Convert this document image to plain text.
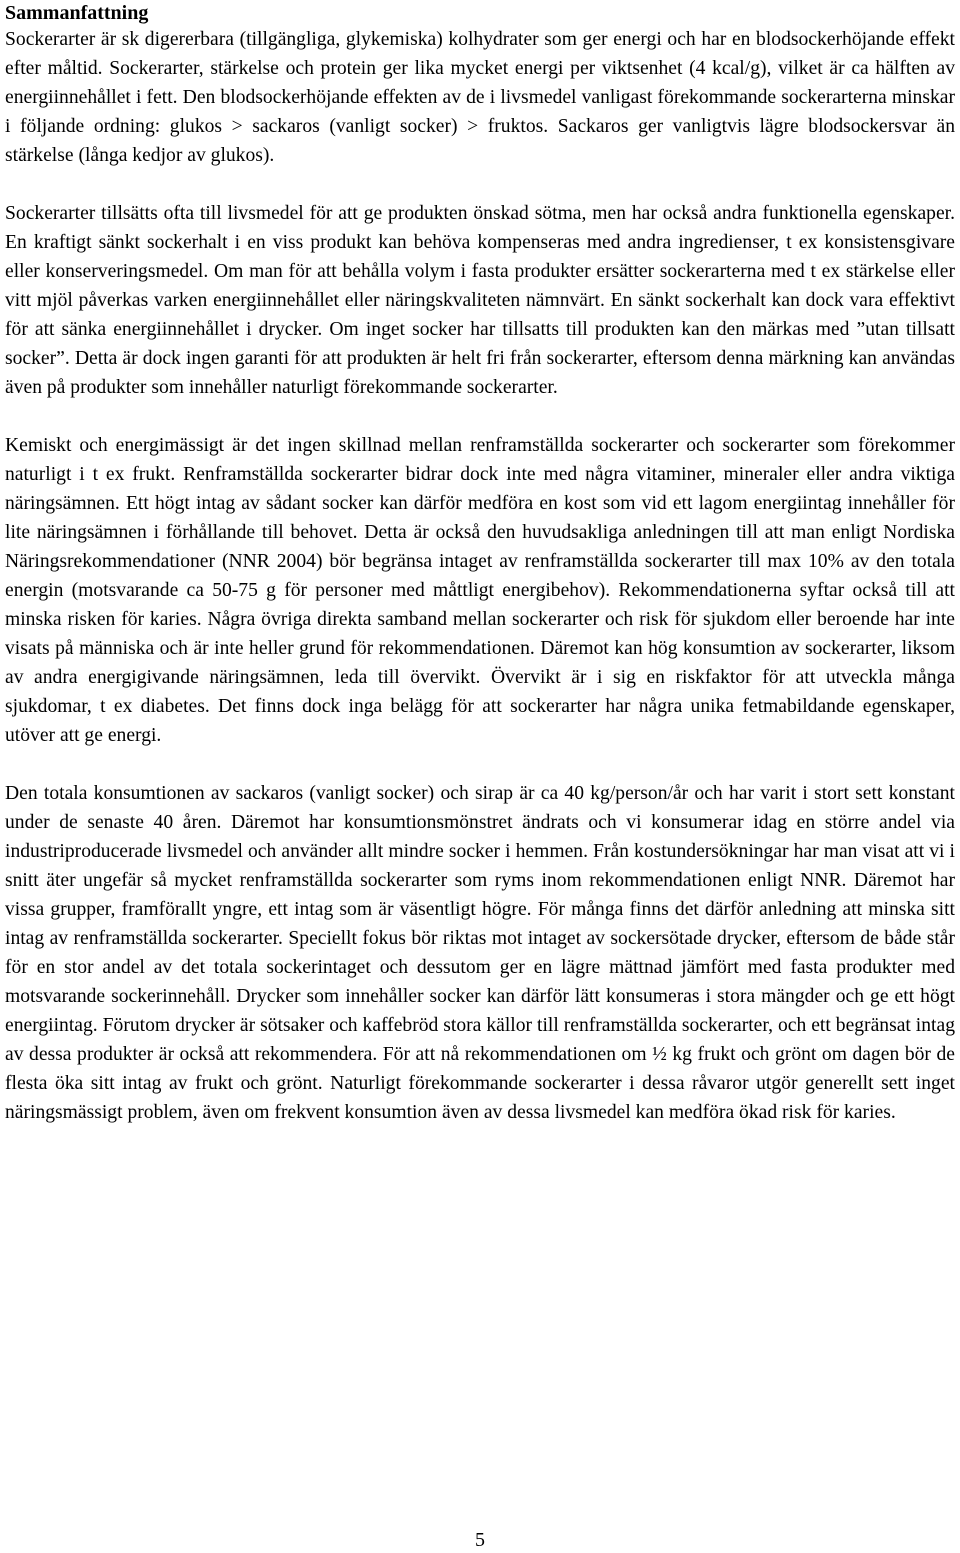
Sammanfattning

Sockerarter är sk digererbara (tillgängliga, glykemiska) kolhydrater som ger energi och har en blodsockerhöjande effekt efter måltid. Sockerarter, stärkelse och protein ger lika mycket energi per viktsenhet (4 kcal/g), vilket är ca hälften av energiinnehållet i fett. Den blodsockerhöjande effekten av de i livsmedel vanligast förekommande sockerarterna minskar i följande ordning: glukos > sackaros (vanligt socker) > fruktos. Sackaros ger vanligtvis lägre blodsockersvar än stärkelse (långa kedjor av glukos).

Sockerarter tillsätts ofta till livsmedel för att ge produkten önskad sötma, men har också andra funktionella egenskaper. En kraftigt sänkt sockerhalt i en viss produkt kan behöva kompenseras med andra ingredienser, t ex konsistensgivare eller konserveringsmedel. Om man för att behålla volym i fasta produkter ersätter sockerarterna med t ex stärkelse eller vitt mjöl påverkas varken energiinnehållet eller näringskvaliteten nämnvärt. En sänkt sockerhalt kan dock vara effektivt för att sänka energiinnehållet i drycker. Om inget socker har tillsatts till produkten kan den märkas med ”utan tillsatt socker”. Detta är dock ingen garanti för att produkten är helt fri från sockerarter, eftersom denna märkning kan användas även på produkter som innehåller naturligt förekommande sockerarter.

Kemiskt och energimässigt är det ingen skillnad mellan renframställda sockerarter och sockerarter som förekommer naturligt i t ex frukt. Renframställda sockerarter bidrar dock inte med några vitaminer, mineraler eller andra viktiga näringsämnen. Ett högt intag av sådant socker kan därför medföra en kost som vid ett lagom energiintag innehåller för lite näringsämnen i förhållande till behovet. Detta är också den huvudsakliga anledningen till att man enligt Nordiska Näringsrekommendationer (NNR 2004) bör begränsa intaget av renframställda sockerarter till max 10% av den totala energin (motsvarande ca 50-75 g för personer med måttligt energibehov). Rekommendationerna syftar också till att minska risken för karies. Några övriga direkta samband mellan sockerarter och risk för sjukdom eller beroende har inte visats på människa och är inte heller grund för rekommendationen. Däremot kan hög konsumtion av sockerarter, liksom av andra energigivande näringsämnen, leda till övervikt. Övervikt är i sig en riskfaktor för att utveckla många sjukdomar, t ex diabetes. Det finns dock inga belägg för att sockerarter har några unika fetmabildande egenskaper, utöver att ge energi.

Den totala konsumtionen av sackaros (vanligt socker) och sirap är ca 40 kg/person/år och har varit i stort sett konstant under de senaste 40 åren. Däremot har konsumtionsmönstret ändrats och vi konsumerar idag en större andel via industriproducerade livsmedel och använder allt mindre socker i hemmen. Från kostundersökningar har man visat att vi i snitt äter ungefär så mycket renframställda sockerarter som ryms inom rekommendationen enligt NNR. Däremot har vissa grupper, framförallt yngre, ett intag som är väsentligt högre. För många finns det därför anledning att minska sitt intag av renframställda sockerarter. Speciellt fokus bör riktas mot intaget av sockersötade drycker, eftersom de både står för en stor andel av det totala sockerintaget och dessutom ger en lägre mättnad jämfört med fasta produkter med motsvarande sockerinnehåll. Drycker som innehåller socker kan därför lätt konsumeras i stora mängder och ge ett högt energiintag. Förutom drycker är sötsaker och kaffebröd stora källor till renframställda sockerarter, och ett begränsat intag av dessa produkter är också att rekommendera. För att nå rekommendationen om ½ kg frukt och grönt om dagen bör de flesta öka sitt intag av frukt och grönt. Naturligt förekommande sockerarter i dessa råvaror utgör generellt sett inget näringsmässigt problem, även om frekvent konsumtion även av dessa livsmedel kan medföra ökad risk för karies.

5
